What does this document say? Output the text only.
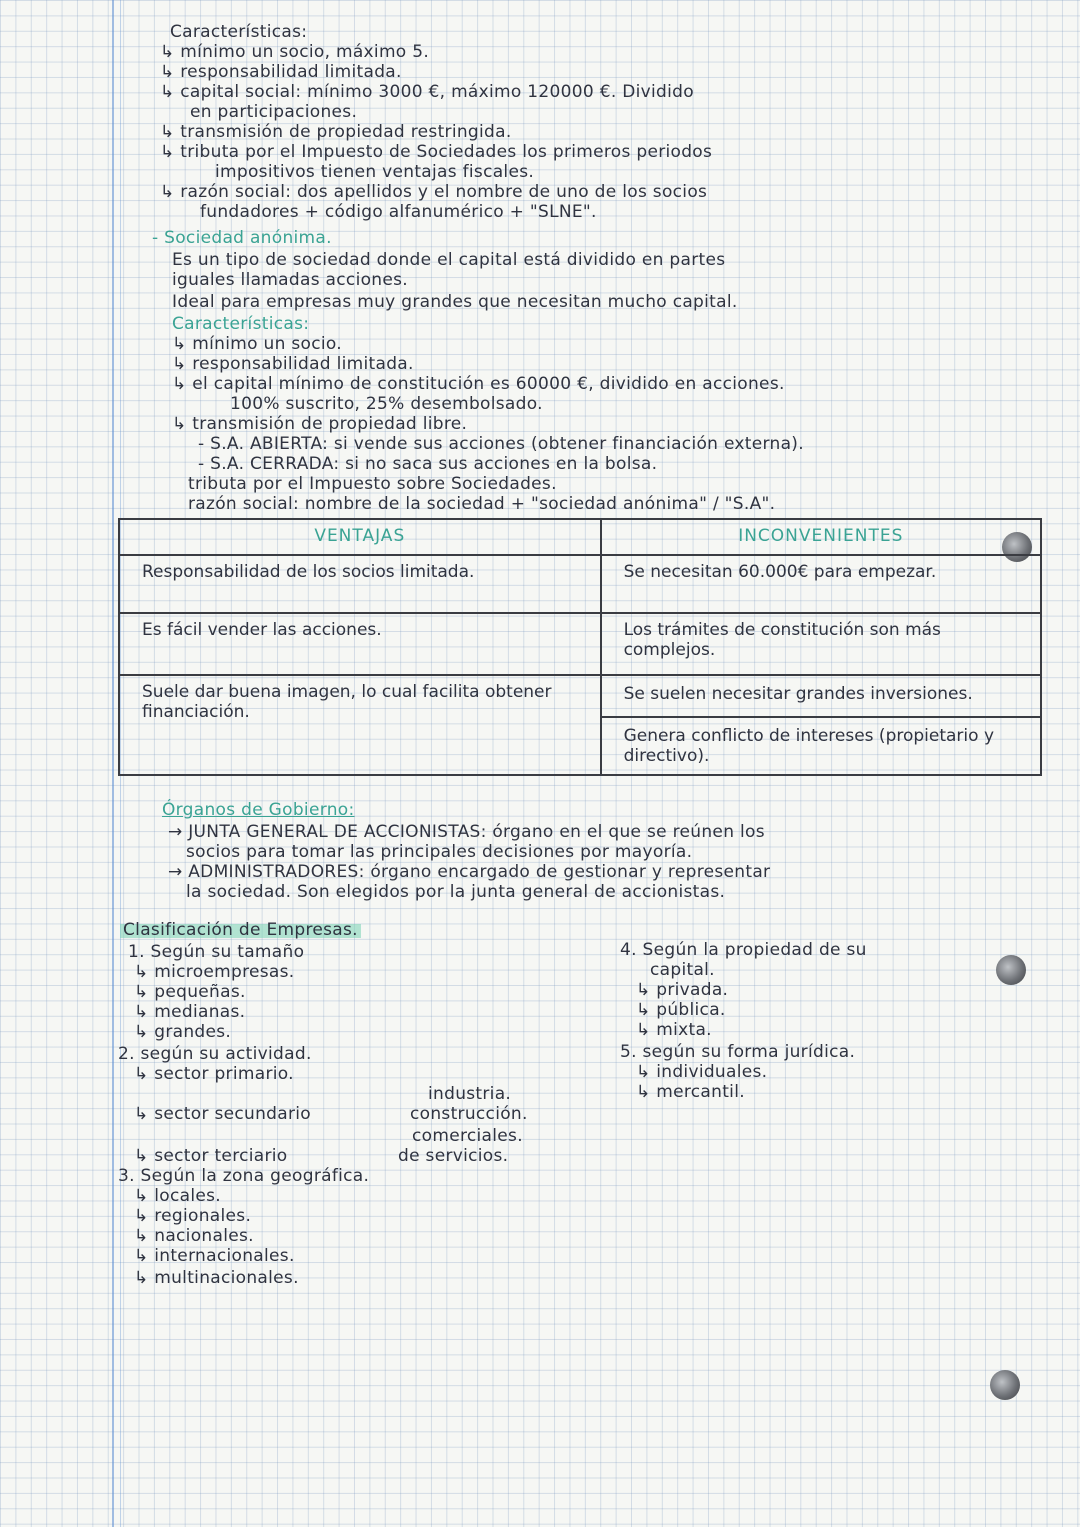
Características:
↳ mínimo un socio, máximo 5.
↳ responsabilidad limitada.
↳ capital social: mínimo 3000 €, máximo 120000 €. Dividido
en participaciones.
↳ transmisión de propiedad restringida.
↳ tributa por el Impuesto de Sociedades los primeros periodos
impositivos tienen ventajas fiscales.
↳ razón social: dos apellidos y el nombre de uno de los socios
fundadores + código alfanumérico + "SLNE".
- Sociedad anónima.
Es un tipo de sociedad donde el capital está dividido en partes
iguales llamadas acciones.
Ideal para empresas muy grandes que necesitan mucho capital.
Características:
↳ mínimo un socio.
↳ responsabilidad limitada.
↳ el capital mínimo de constitución es 60000 €, dividido en acciones.
100% suscrito, 25% desembolsado.
↳ transmisión de propiedad libre.
- S.A. ABIERTA: si vende sus acciones (obtener financiación externa).
- S.A. CERRADA: si no saca sus acciones en la bolsa.
tributa por el Impuesto sobre Sociedades.
razón social: nombre de la sociedad + "sociedad anónima" / "S.A".
VENTAJAS	INCONVENIENTES
Responsabilidad de los socios limitada.	Se necesitan 60.000€ para empezar.
Es fácil vender las acciones.	Los trámites de constitución son más complejos.
Suele dar buena imagen, lo cual facilita obtener financiación.	Se suelen necesitar grandes inversiones.
Genera conflicto de intereses (propietario y directivo).
Órganos de Gobierno:
→ JUNTA GENERAL DE ACCIONISTAS: órgano en el que se reúnen los
socios para tomar las principales decisiones por mayoría.
→ ADMINISTRADORES: órgano encargado de gestionar y representar
la sociedad. Son elegidos por la junta general de accionistas.
Clasificación de Empresas.
1. Según su tamaño
↳ microempresas.
↳ pequeñas.
↳ medianas.
↳ grandes.
2. según su actividad.
↳ sector primario.
industria.
↳ sector secundario	construcción.
comerciales.
↳ sector terciario	de servicios.
3. Según la zona geográfica.
↳ locales.
↳ regionales.
↳ nacionales.
↳ internacionales.
↳ multinacionales.
4. Según la propiedad de su
capital.
↳ privada.
↳ pública.
↳ mixta.
5. según su forma jurídica.
↳ individuales.
↳ mercantil.
